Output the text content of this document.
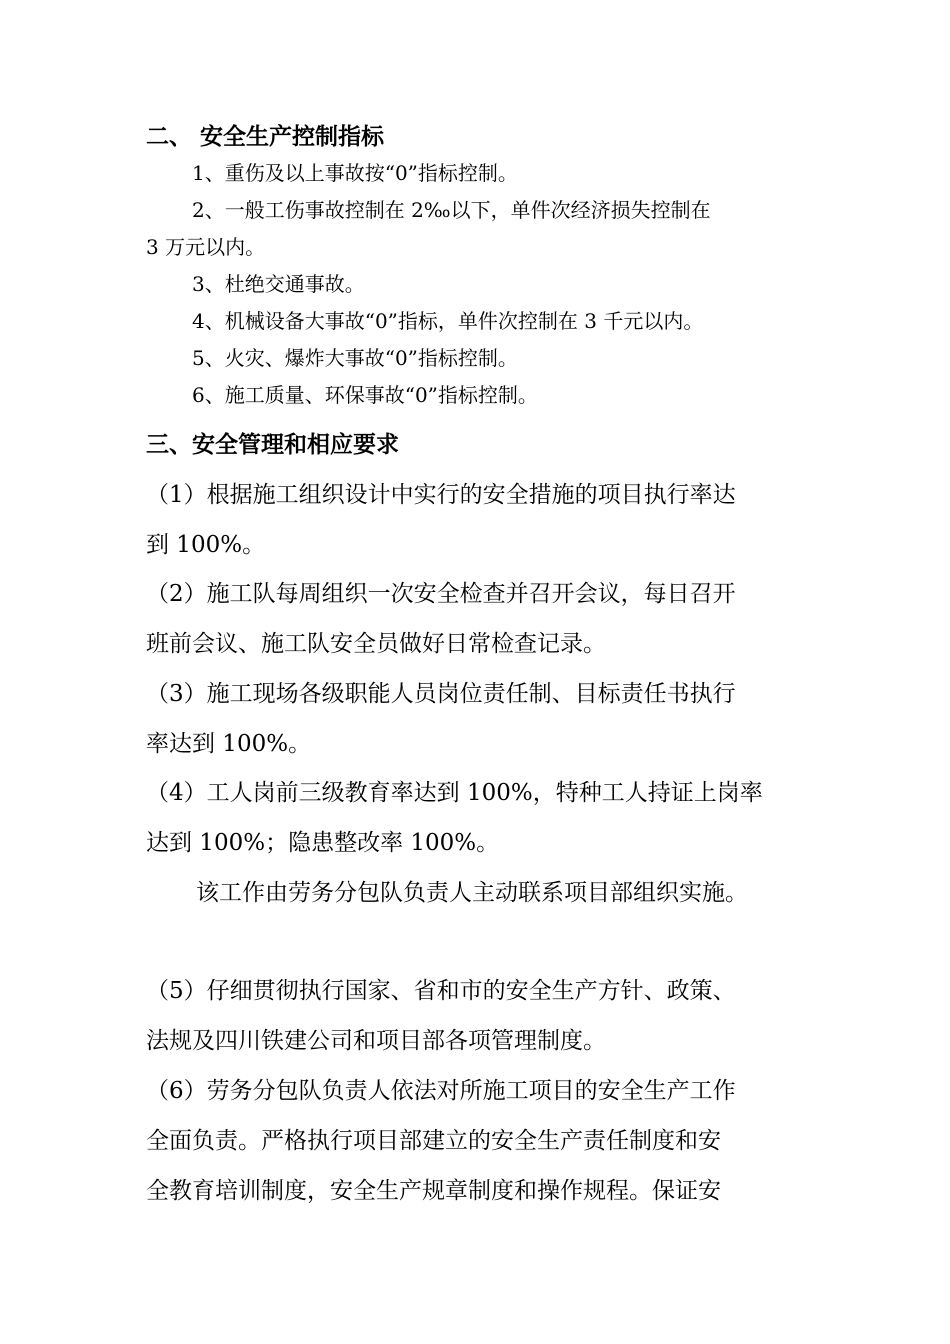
二、 安全生产控制指标
1、重伤及以上事故按“0”指标控制。
2、一般工伤事故控制在 2‰以下，单件次经济损失控制在
3 万元以内。
3、杜绝交通事故。
4、机械设备大事故“0”指标，单件次控制在 3 千元以内。
5、火灾、爆炸大事故“0”指标控制。
6、施工质量、环保事故“0”指标控制。
三、安全管理和相应要求
（1）根据施工组织设计中实行的安全措施的项目执行率达
到 100%。
（2）施工队每周组织一次安全检查并召开会议，每日召开
班前会议、施工队安全员做好日常检查记录。
（3）施工现场各级职能人员岗位责任制、目标责任书执行
率达到 100%。
（4）工人岗前三级教育率达到 100%，特种工人持证上岗率
达到 100%；隐患整改率 100%。
该工作由劳务分包队负责人主动联系项目部组织实施。
（5）仔细贯彻执行国家、省和市的安全生产方针、政策、
法规及四川铁建公司和项目部各项管理制度。
（6）劳务分包队负责人依法对所施工项目的安全生产工作
全面负责。严格执行项目部建立的安全生产责任制度和安
全教育培训制度，安全生产规章制度和操作规程。保证安
